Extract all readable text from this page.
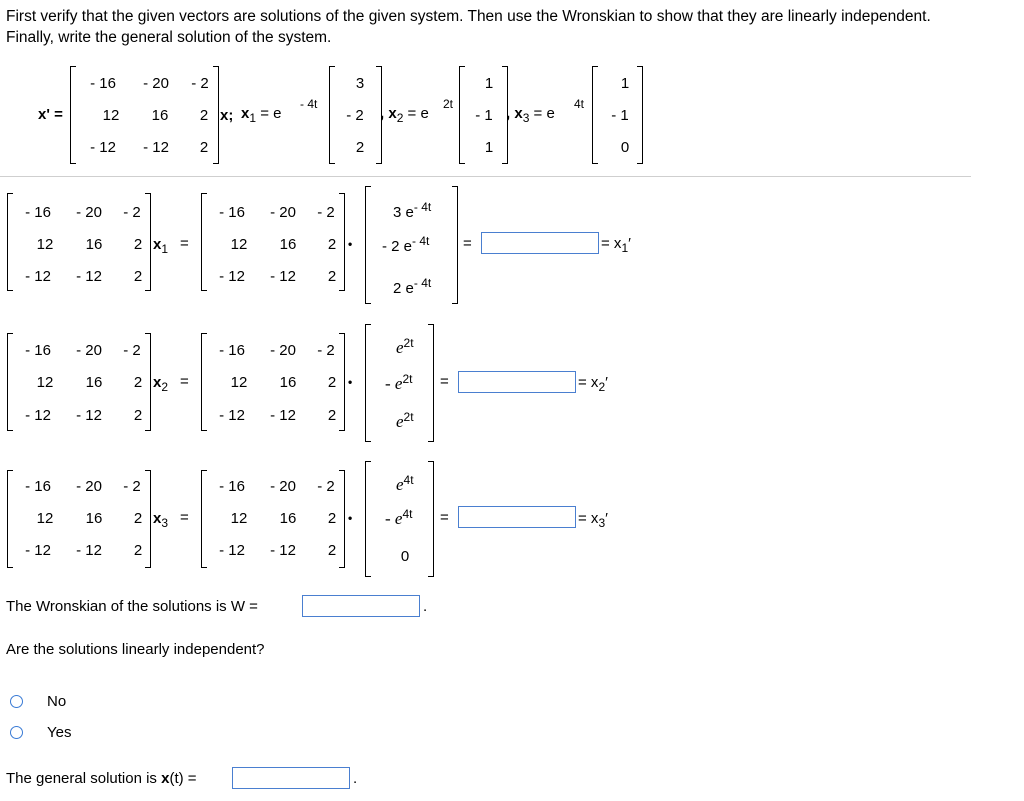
First verify that the given vectors are solutions of the given system. Then use the Wronskian to show that they are linearly independent. Finally, write the general solution of the system.
x' =
- 16 - 20 - 2
12 16 2
- 12 - 12 2
x; $x_1 = e$
- 4t
3
- 2
2
, $x_2 = e$
2t
1
- 1
1
, $x_3 = e$
4t
1
- 1
0
- 16 - 20 - 2
12 16 2
- 12 - 12 2
$x_1$ =
- 16 - 20 - 2
12 16 2
- 12 - 12 2
•
3 $e^{- 4t}$
- 2 $e^{- 4t}$
2 $e^{- 4t}$
=	= $x_1'$
- 16 - 20 - 2
12 16 2
- 12 - 12 2
$x_2$ =
- 16 - 20 - 2
12 16 2
- 12 - 12 2
•
$e^{2t}$
- $e^{2t}$
$e^{2t}$
=	= $x_2'$
- 16 - 20 - 2
12 16 2
- 12 - 12 2
$x_3$ =
- 16 - 20 - 2
12 16 2
- 12 - 12 2
•
$e^{4t}$
- $e^{4t}$
0
=	= $x_3'$
The Wronskian of the solutions is W =	.
Are the solutions linearly independent?
No
Yes
The general solution is x(t) =	.
